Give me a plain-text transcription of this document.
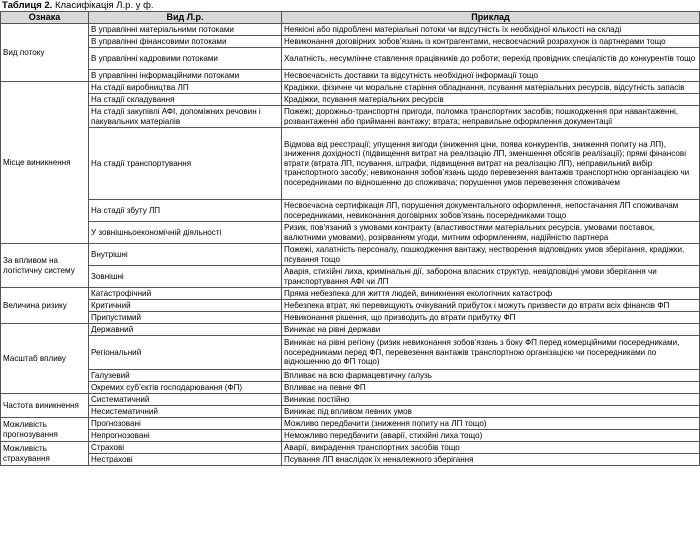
Таблиця 2. Класифікація Л.р. у ф.
Ознака	Вид Л.р.	Приклад
Вид потоку	В управлінні матеріальними потоками	Неякісні або підроблені матеріальні потоки чи відсутність їх необхідної кількості на складі
	В управлінні фінансовими потоками	Невиконання договірних зобов’язань із контрагентами, несвоєчасний розрахунок із партнерами тощо
	В управлінні кадровими потоками	Халатність, несумлінне ставлення працівників до роботи; перехід провідних спеціалістів до конкурентів тощо
	В управлінні інформаційними потоками	Несвоєчасність доставки та відсутність необхідної інформації тощо
Місце виникнення	На стадії виробництва ЛП	Крадіжки, фізичне чи моральне старіння обладнання, псування матеріальних ресурсів, відсутність запасів
	На стадії складування	Крадіжки, псування матеріальних ресурсів
	На стадії закупівлі АФІ, допоміжних речовин і пакувальних матеріалів	Пожежі; дорожньо-транспортні пригоди, поломка транспортних засобів; пошкодження при навантаженні, розвантаженні або прийманні вантажу; втрата; неправильне оформлення документації
	На стадії транспортування	Відмова від реєстрації; упущення вигоди (зниження ціни, поява конкурентів, зниження попиту на ЛП), зниження дохідності (підвищення витрат на реалізацію ЛП, зменшення обсягів реалізації); прямі фінансові втрати (втрата ЛП, псування, штрафи, підвищення витрат на реалізацію ЛП), неправильний вибір транспортного засобу; невиконання зобов’язань щодо перевезення вантажів транспортною організацією чи посередниками по відношенню до споживача; порушення умов перевезення споживачем
	На стадії збуту ЛП	Несвоєчасна сертифікація ЛП, порушення документального оформлення, непостачання ЛП споживачам посередниками, невиконання договірних зобов’язань посередниками тощо
	У зовнішньоекономічній діяльності	Ризик, пов’язаний з умовами контракту (властивостями матеріальних ресурсів, умовами поставок, валютними умовами), розірванням угоди, митним оформленням, надійністю партнера
За впливом на логістичну систему	Внутрішні	Пожежі, халатність персоналу, пошкодження вантажу, нестворення відповідних умов зберігання, крадіжки, псування тощо
	Зовнішні	Аварія, стихійні лиха, кримінальні дії, заборона власних структур, невідповідні умови зберігання чи транспортування АФІ чи ЛП
Величина ризику	Катастрофічний	Пряма небезпека для життя людей, виникнення екологічних катастроф
	Критичний	Небезпека втрат, які перевищують очікуваний прибуток і можуть призвести до втрати всіх фінансів ФП
	Припустимий	Невиконання рішення, що призводить до втрати прибутку ФП
Масштаб впливу	Державний	Виникає на рівні держави
	Регіональний	Виникає на рівні регіону (ризик невиконання зобов’язань з боку ФП перед комерційними посередниками, посередниками перед ФП, перевезення вантажів транспортною організацією чи посередниками по відношенню до ФП тощо)
	Галузевий	Впливає на всю фармацевтичну галузь
	Окремих суб’єктів господарювання (ФП)	Впливає на певне ФП
Частота виникнення	Систематичний	Виникає постійно
	Несистематичний	Виникає під впливом певних умов
Можливість прогнозування	Прогнозовані	Можливо передбачити (зниження попиту на ЛП тощо)
	Непрогнозовані	Неможливо передбачити (аварії, стихійні лиха тощо)
Можливість страхування	Страхові	Аварії, викрадення транспортних засобів тощо
	Нестрахові	Псування ЛП внаслідок їх неналежного зберігання
